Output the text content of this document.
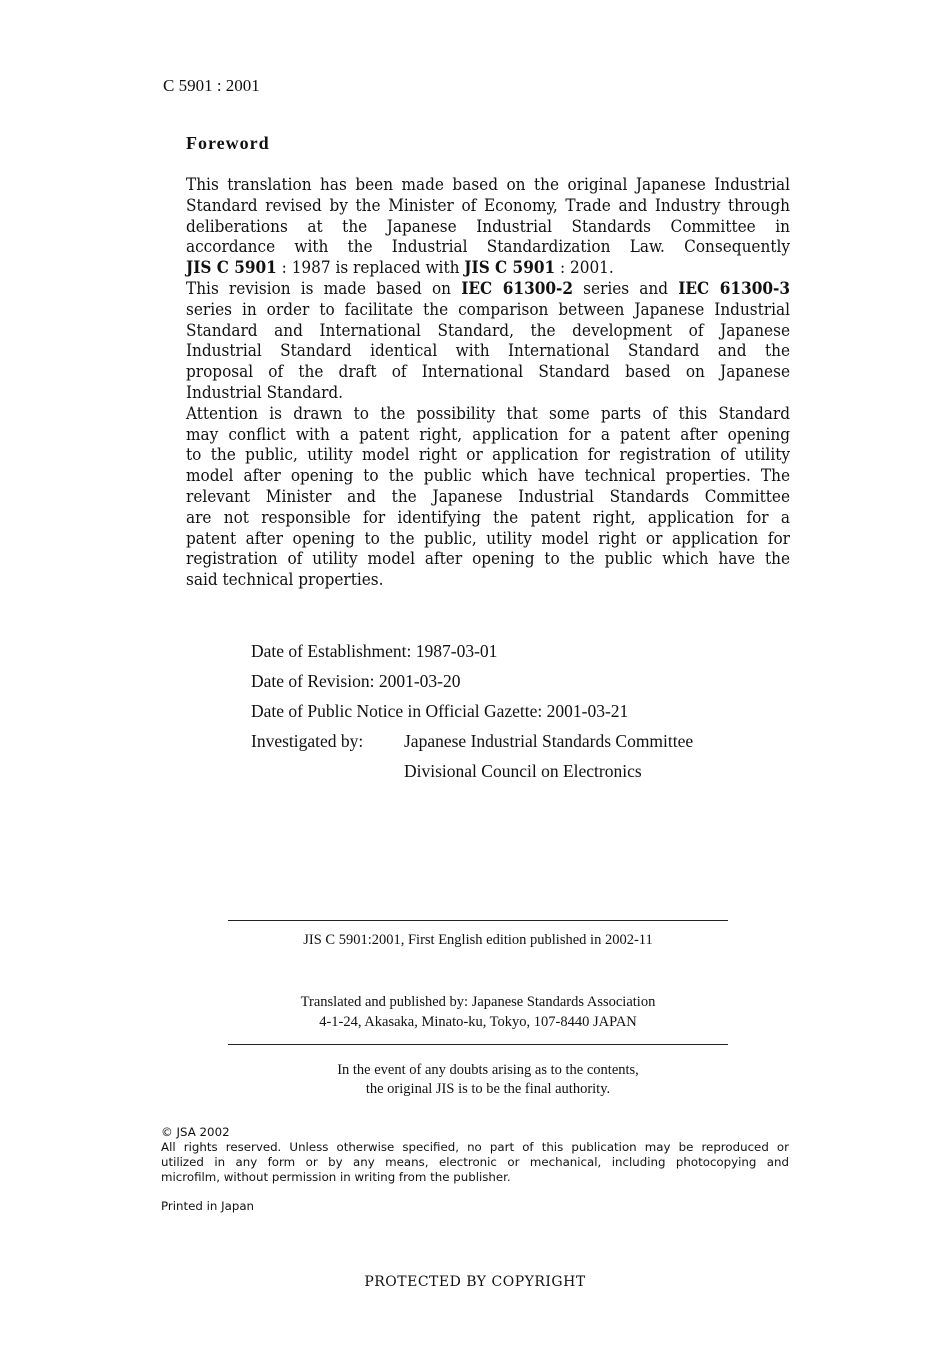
C 5901 : 2001
Foreword
This translation has been made based on the original Japanese Industrial
Standard revised by the Minister of Economy, Trade and Industry through
deliberations at the Japanese Industrial Standards Committee in
accordance with the Industrial Standardization Law. Consequently
JIS C 5901 : 1987 is replaced with JIS C 5901 : 2001.
This revision is made based on IEC 61300-2 series and IEC 61300-3
series in order to facilitate the comparison between Japanese Industrial
Standard and International Standard, the development of Japanese
Industrial Standard identical with International Standard and the
proposal of the draft of International Standard based on Japanese
Industrial Standard.
Attention is drawn to the possibility that some parts of this Standard
may conflict with a patent right, application for a patent after opening
to the public, utility model right or application for registration of utility
model after opening to the public which have technical properties. The
relevant Minister and the Japanese Industrial Standards Committee
are not responsible for identifying the patent right, application for a
patent after opening to the public, utility model right or application for
registration of utility model after opening to the public which have the
said technical properties.
Date of Establishment: 1987-03-01
Date of Revision: 2001-03-20
Date of Public Notice in Official Gazette: 2001-03-21
Investigated by: Japanese Industrial Standards Committee
Divisional Council on Electronics
JIS C 5901:2001, First English edition published in 2002-11
Translated and published by: Japanese Standards Association
4-1-24, Akasaka, Minato-ku, Tokyo, 107-8440 JAPAN
In the event of any doubts arising as to the contents,
the original JIS is to be the final authority.
© JSA 2002
All rights reserved. Unless otherwise specified, no part of this publication may be reproduced or
utilized in any form or by any means, electronic or mechanical, including photocopying and
microfilm, without permission in writing from the publisher.
Printed in Japan
PROTECTED BY COPYRIGHT
